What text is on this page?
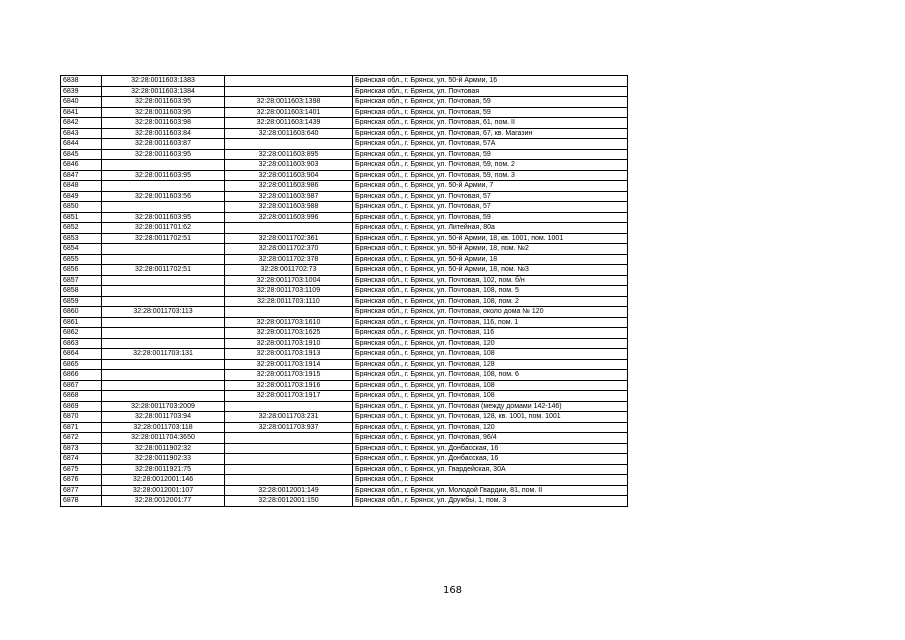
6838	32:28:0011603:1383		Брянская обл., г. Брянск, ул. 50-й Армии, 16
6839	32:28:0011603:1384		Брянская обл., г. Брянск, ул. Почтовая
6840	32:28:0011603:95	32:28:0011603:1398	Брянская обл., г. Брянск, ул. Почтовая, 59
6841	32:28:0011603:95	32:28:0011603:1401	Брянская обл., г. Брянск, ул. Почтовая, 59
6842	32:28:0011603:98	32:28:0011603:1439	Брянская обл., г. Брянск, ул. Почтовая, 61, пом. II
6843	32:28:0011603:84	32:28:0011603:640	Брянская обл., г. Брянск, ул. Почтовая, 67, кв. Магазин
6844	32:28:0011603:87		Брянская обл., г. Брянск, ул. Почтовая, 57А
6845	32:28:0011603:95	32:28:0011603:895	Брянская обл., г. Брянск, ул. Почтовая, 59
6846		32:28:0011603:903	Брянская обл., г. Брянск, ул. Почтовая, 59, пом. 2
6847	32:28:0011603:95	32:28:0011603:904	Брянская обл., г. Брянск, ул. Почтовая, 59, пом. 3
6848		32:28:0011603:986	Брянская обл., г. Брянск, ул. 50-й Армии, 7
6849	32:28:0011603:56	32:28:0011603:987	Брянская обл., г. Брянск, ул. Почтовая, 57
6850		32:28:0011603:988	Брянская обл., г. Брянск, ул. Почтовая, 57
6851	32:28:0011603:95	32:28:0011603:996	Брянская обл., г. Брянск, ул. Почтовая, 59
6852	32:28:0011701:62		Брянская обл., г. Брянск, ул. Литейная, 80а
6853	32:28:0011702:51	32:28:0011702:361	Брянская обл., г. Брянск, ул. 50-й Армии, 18, кв. 1001, пом. 1001
6854		32:28:0011702:370	Брянская обл., г. Брянск, ул. 50-й Армии, 18, пом. №2
6855		32:28:0011702:378	Брянская обл., г. Брянск, ул. 50-й Армии, 18
6856	32:28:0011702:51	32:28:0011702:73	Брянская обл., г. Брянск, ул. 50-й Армии, 18, пом. №3
6857		32:28:0011703:1004	Брянская обл., г. Брянск, ул. Почтовая, 102, пом. б/н
6858		32:28:0011703:1109	Брянская обл., г. Брянск, ул. Почтовая, 108, пом. 5
6859		32:28:0011703:1110	Брянская обл., г. Брянск, ул. Почтовая, 108, пом. 2
6860	32:28:0011703:113		Брянская обл., г. Брянск, ул. Почтовая, около дома № 120
6861		32:28:0011703:1610	Брянская обл., г. Брянск, ул. Почтовая, 116, пом. 1
6862		32:28:0011703:1625	Брянская обл., г. Брянск, ул. Почтовая, 116
6863		32:28:0011703:1910	Брянская обл., г. Брянск, ул. Почтовая, 120
6864	32:28:0011703:131	32:28:0011703:1913	Брянская обл., г. Брянск, ул. Почтовая, 108
6865		32:28:0011703:1914	Брянская обл., г. Брянск, ул. Почтовая, 128
6866		32:28:0011703:1915	Брянская обл., г. Брянск, ул. Почтовая, 108, пом. 6
6867		32:28:0011703:1916	Брянская обл., г. Брянск, ул. Почтовая, 108
6868		32:28:0011703:1917	Брянская обл., г. Брянск, ул. Почтовая, 108
6869	32:28:0011703:2009		Брянская обл., г. Брянск, ул. Почтовая (между домами 142-146)
6870	32:28:0011703:94	32:28:0011703:231	Брянская обл., г. Брянск, ул. Почтовая, 128, кв. 1001, пом. 1001
6871	32:28:0011703:118	32:28:0011703:937	Брянская обл., г. Брянск, ул. Почтовая, 120
6872	32:28:0011704:3650		Брянская обл., г. Брянск, ул. Почтовая, 96/4
6873	32:28:0011902:32		Брянская обл., г. Брянск, ул. Донбасская, 16
6874	32:28:0011902:33		Брянская обл., г. Брянск, ул. Донбасская, 16
6875	32:28:0011921:75		Брянская обл., г. Брянск, ул. Гвардейская, 30А
6876	32:28:0012001:146		Брянская обл., г. Брянск
6877	32:28:0012001:107	32:28:0012001:149	Брянская обл., г. Брянск, ул. Молодой Гвардии, 81, пом. II
6878	32:28:0012001:77	32:28:0012001:150	Брянская обл., г. Брянск, ул. Дружбы, 1, пом. 3
168
